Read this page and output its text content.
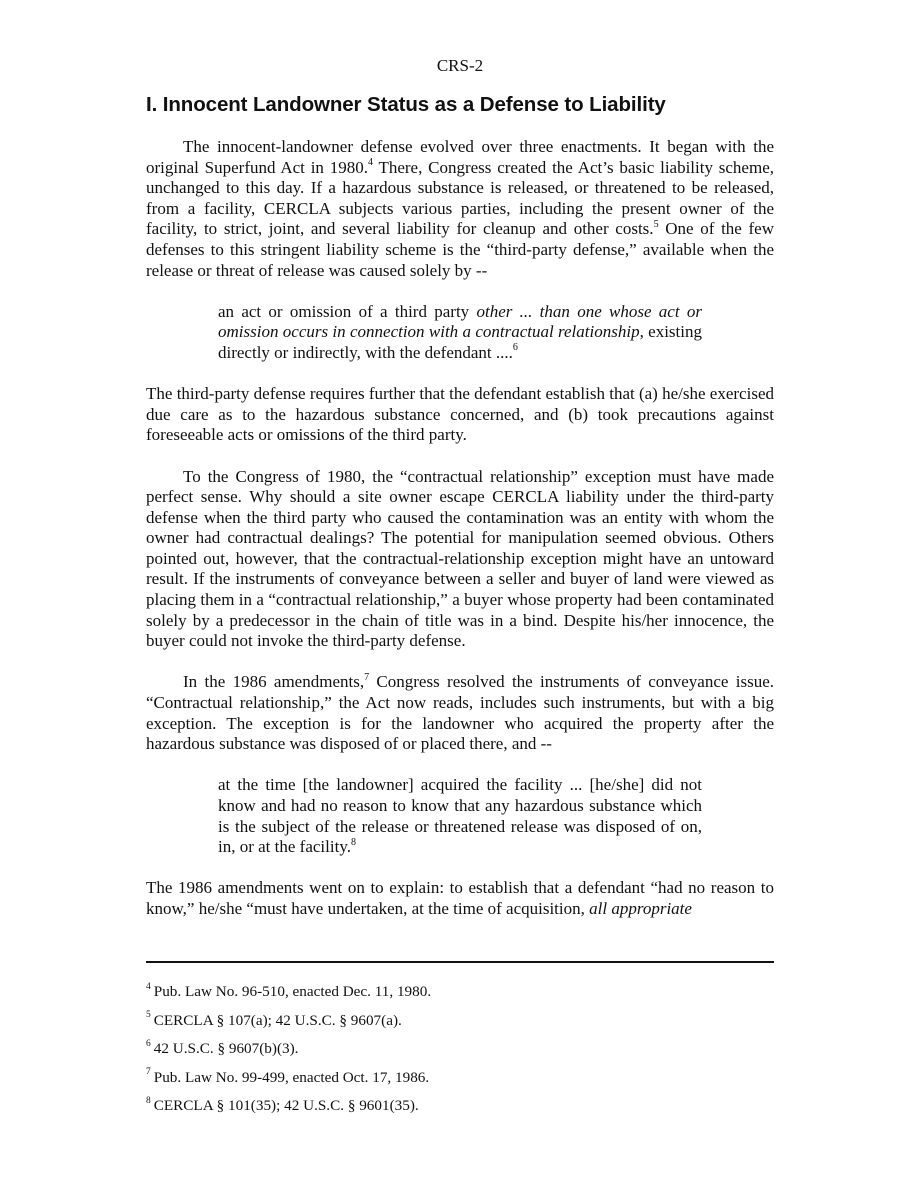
CRS-2
I. Innocent Landowner Status as a Defense to Liability

The innocent-landowner defense evolved over three enactments. It began with the original Superfund Act in 1980.$^4$ There, Congress created the Act’s basic liability scheme, unchanged to this day. If a hazardous substance is released, or threatened to be released, from a facility, CERCLA subjects various parties, including the present owner of the facility, to strict, joint, and several liability for cleanup and other costs.$^5$ One of the few defenses to this stringent liability scheme is the “third-party defense,” available when the release or threat of release was caused solely by --

an act or omission of a third party other ... than one whose act or omission occurs in connection with a contractual relationship, existing directly or indirectly, with the defendant ....$^6$

The third-party defense requires further that the defendant establish that (a) he/she exercised due care as to the hazardous substance concerned, and (b) took precautions against foreseeable acts or omissions of the third party.

To the Congress of 1980, the “contractual relationship” exception must have made perfect sense. Why should a site owner escape CERCLA liability under the third-party defense when the third party who caused the contamination was an entity with whom the owner had contractual dealings? The potential for manipulation seemed obvious. Others pointed out, however, that the contractual-relationship exception might have an untoward result. If the instruments of conveyance between a seller and buyer of land were viewed as placing them in a “contractual relationship,” a buyer whose property had been contaminated solely by a predecessor in the chain of title was in a bind. Despite his/her innocence, the buyer could not invoke the third-party defense.

In the 1986 amendments,$^7$ Congress resolved the instruments of conveyance issue. “Contractual relationship,” the Act now reads, includes such instruments, but with a big exception. The exception is for the landowner who acquired the property after the hazardous substance was disposed of or placed there, and --

at the time [the landowner] acquired the facility ... [he/she] did not know and had no reason to know that any hazardous substance which is the subject of the release or threatened release was disposed of on, in, or at the facility.$^8$

The 1986 amendments went on to explain: to establish that a defendant “had no reason to know,” he/she “must have undertaken, at the time of acquisition, all appropriate

$^4$ Pub. Law No. 96-510, enacted Dec. 11, 1980.
$^5$ CERCLA § 107(a); 42 U.S.C. § 9607(a).
$^6$ 42 U.S.C. § 9607(b)(3).
$^7$ Pub. Law No. 99-499, enacted Oct. 17, 1986.
$^8$ CERCLA § 101(35); 42 U.S.C. § 9601(35).
